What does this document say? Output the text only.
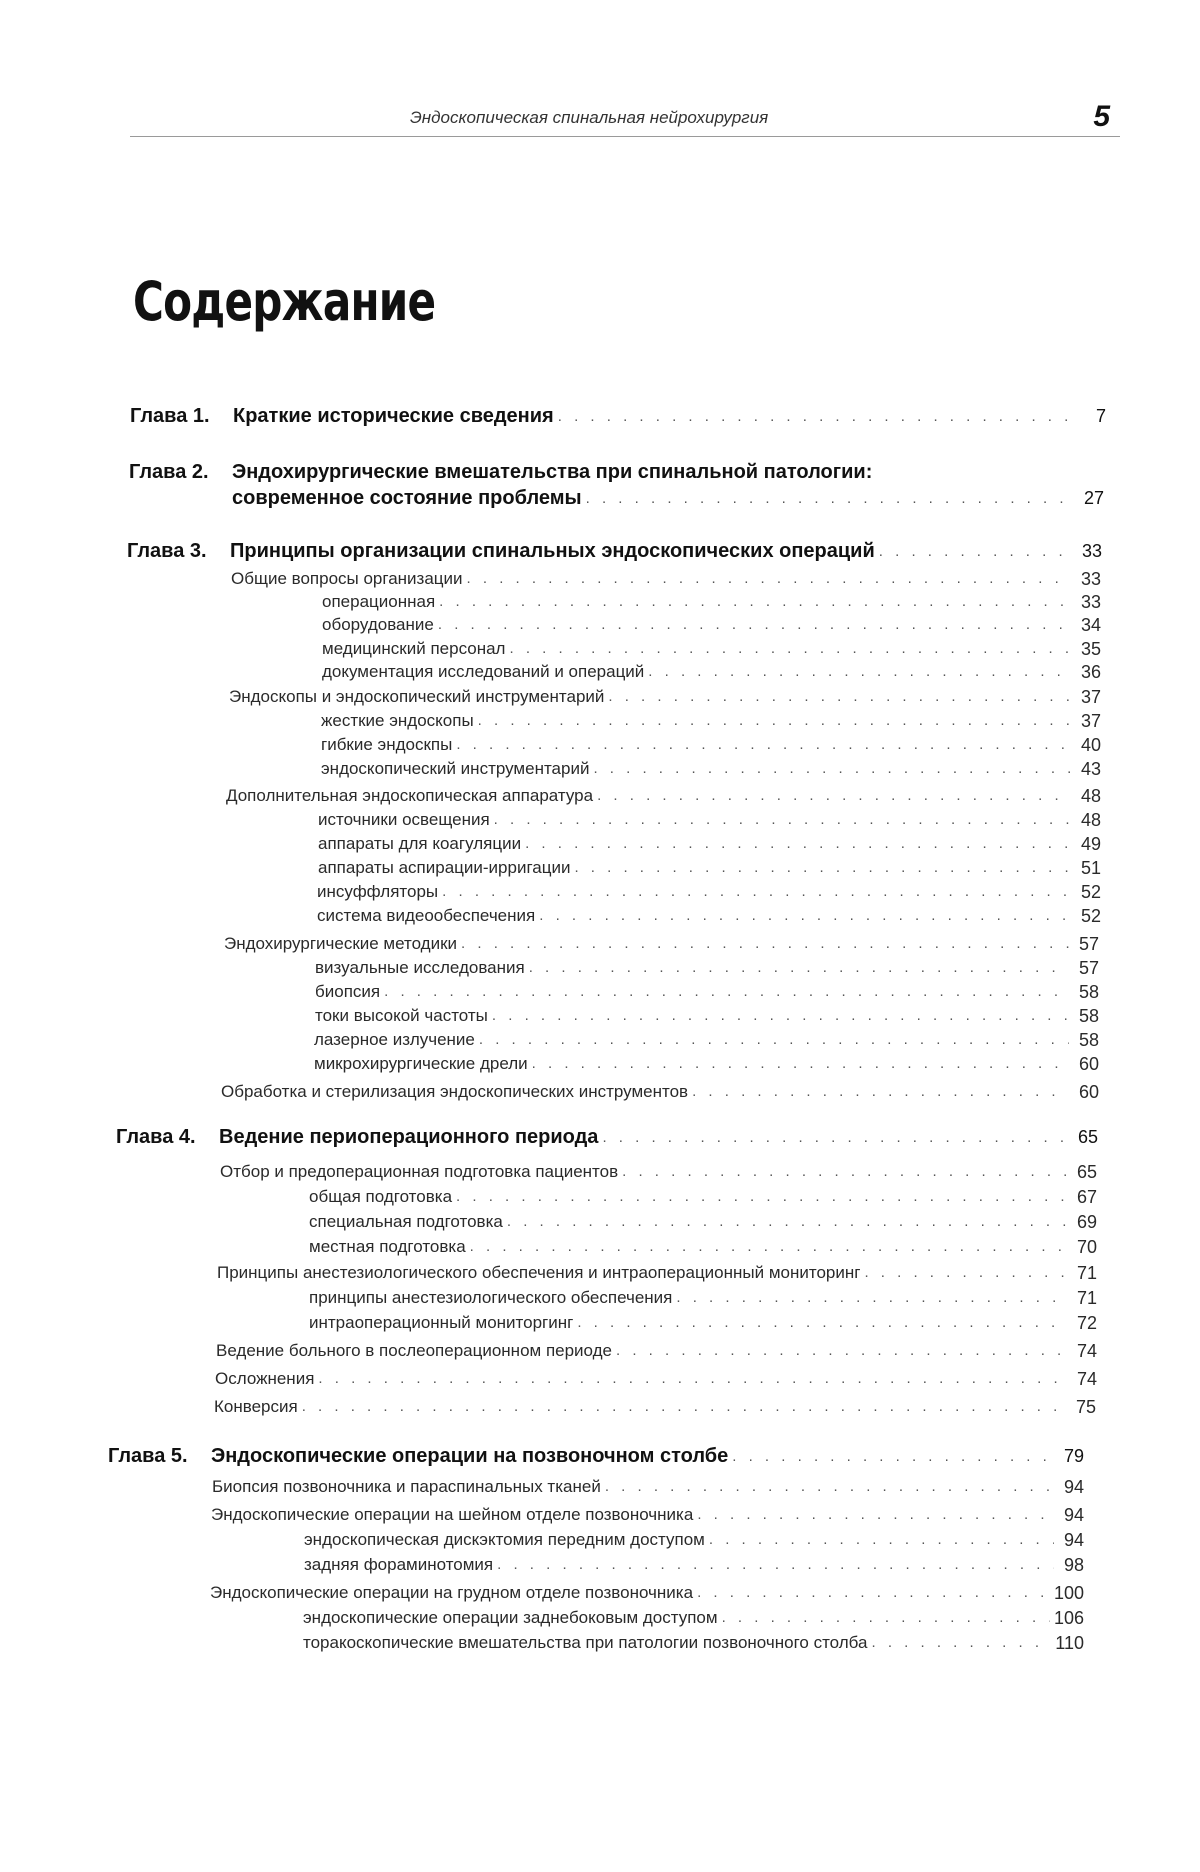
Эндоскопическая спинальная нейрохирургия	5
Содержание
Глава 1.	Краткие исторические сведения . . .	7
Глава 2.	Эндохирургические вмешательства при спинальной патологии:
современное состояние проблемы . . .	27
Глава 3.	Принципы организации спинальных эндоскопических операций . . .	33
Общие вопросы организации . . .	33
операционная . . .	33
оборудование . . .	34
медицинский персонал . . .	35
документация исследований и операций . . .	36
Эндоскопы и эндоскопический инструментарий . . .	37
жесткие эндоскопы . . .	37
гибкие эндоскпы . . .	40
эндоскопический инструментарий . . .	43
Дополнительная эндоскопическая аппаратура . . .	48
источники освещения . . .	48
аппараты для коагуляции . . .	49
аппараты аспирации-ирригации . . .	51
инсуффляторы . . .	52
система видеообеспечения . . .	52
Эндохирургические методики . . .	57
визуальные исследования . . .	57
биопсия . . .	58
токи высокой частоты . . .	58
лазерное излучение . . .	58
микрохирургические дрели . . .	60
Обработка и стерилизация эндоскопических инструментов . . .	60
Глава 4.	Ведение периоперационного периода . . .	65
Отбор и предоперационная подготовка пациентов . . .	65
общая подготовка . . .	67
специальная подготовка . . .	69
местная подготовка . . .	70
Принципы анестезиологического обеспечения и интраоперационный мониторинг . . .	71
принципы анестезиологического обеспечения . . .	71
интраоперационный мониторгинг . . .	72
Ведение больного в послеоперационном периоде . . .	74
Осложнения . . .	74
Конверсия . . .	75
Глава 5.	Эндоскопические операции на позвоночном столбе . . .	79
Биопсия позвоночника и параспинальных тканей . . .	94
Эндоскопические операции на шейном отделе позвоночника . . .	94
эндоскопическая дискэктомия передним доступом . . .	94
задняя фораминотомия . . .	98
Эндоскопические операции на грудном отделе позвоночника . . .	100
эндоскопические операции заднебоковым доступом . . .	106
торакоскопические вмешательства при патологии позвоночного столба . . .	110
